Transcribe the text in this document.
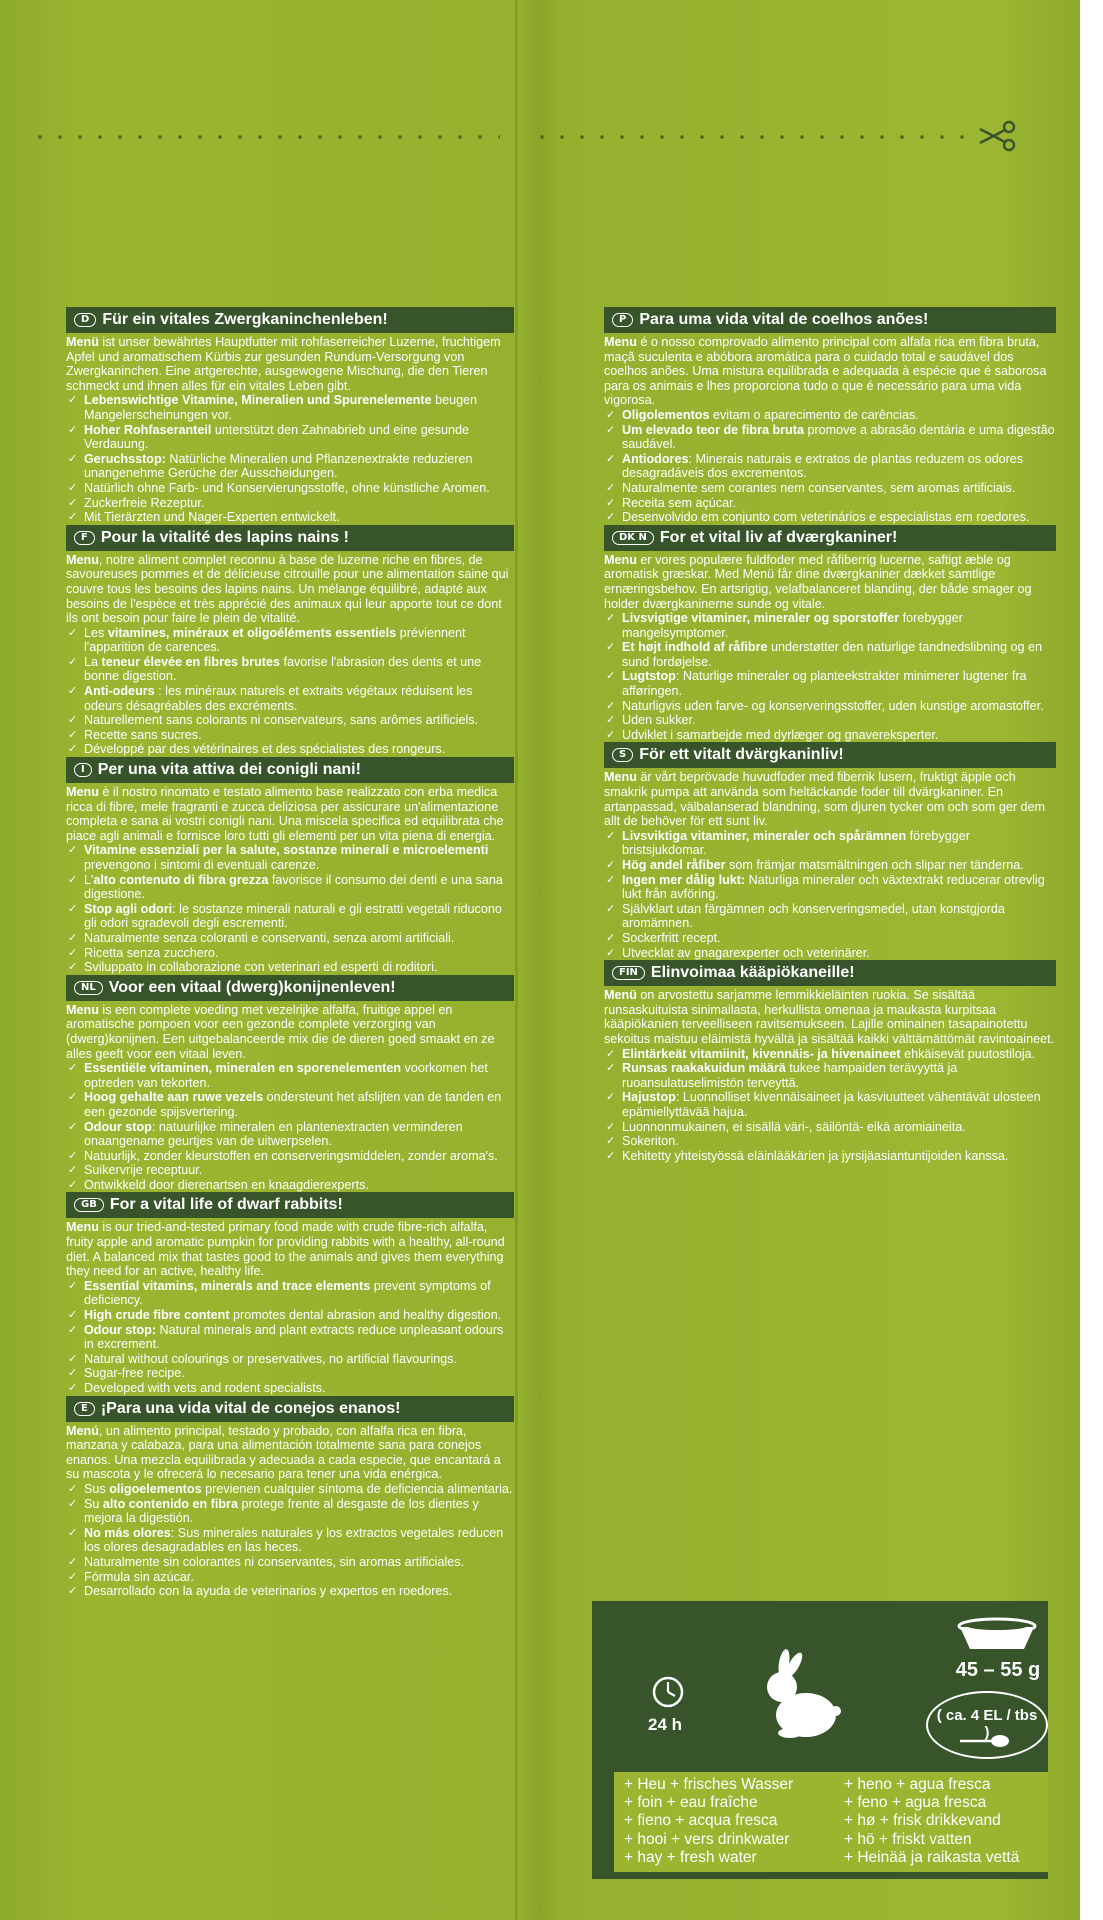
D Für ein vitales Zwergkaninchenleben!
Menü ist unser bewährtes Hauptfutter mit rohfaserreicher Luzerne, fruchtigem Apfel und aromatischem Kürbis zur gesunden Rundum-Versorgung von Zwergkaninchen. Eine artgerechte, ausgewogene Mischung, die den Tieren schmeckt und ihnen alles für ein vitales Leben gibt.
✓ Lebenswichtige Vitamine, Mineralien und Spurenelemente beugen Mangelerscheinungen vor.
✓ Hoher Rohfaseranteil unterstützt den Zahnabrieb und eine gesunde Verdauung.
✓ Geruchsstop: Natürliche Mineralien und Pflanzenextrakte reduzieren unangenehme Gerüche der Ausscheidungen.
✓ Natürlich ohne Farb- und Konservierungsstoffe, ohne künstliche Aromen.
✓ Zuckerfreie Rezeptur.
✓ Mit Tierärzten und Nager-Experten entwickelt.
F Pour la vitalité des lapins nains !
Menu, notre aliment complet reconnu à base de luzerne riche en fibres, de savoureuses pommes et de délicieuse citrouille pour une alimentation saine qui couvre tous les besoins des lapins nains. Un mélange équilibré, adapté aux besoins de l'espèce et très apprécié des animaux qui leur apporte tout ce dont ils ont besoin pour faire le plein de vitalité.
✓ Les vitamines, minéraux et oligoéléments essentiels préviennent l'apparition de carences.
✓ La teneur élevée en fibres brutes favorise l'abrasion des dents et une bonne digestion.
✓ Anti-odeurs : les minéraux naturels et extraits végétaux réduisent les odeurs désagréables des excréments.
✓ Naturellement sans colorants ni conservateurs, sans arômes artificiels.
✓ Recette sans sucres.
✓ Développé par des vétérinaires et des spécialistes des rongeurs.
I Per una vita attiva dei conigli nani!
Menu è il nostro rinomato e testato alimento base realizzato con erba medica ricca di fibre, mele fragranti e zucca deliziosa per assicurare un'alimentazione completa e sana ai vostri conigli nani. Una miscela specifica ed equilibrata che piace agli animali e fornisce loro tutti gli elementi per un vita piena di energia.
✓ Vitamine essenziali per la salute, sostanze minerali e microelementi prevengono i sintomi di eventuali carenze.
✓ L'alto contenuto di fibra grezza favorisce il consumo dei denti e una sana digestione.
✓ Stop agli odori: le sostanze minerali naturali e gli estratti vegetali riducono gli odori sgradevoli degli escrementi.
✓ Naturalmente senza coloranti e conservanti, senza aromi artificiali.
✓ Ricetta senza zucchero.
✓ Sviluppato in collaborazione con veterinari ed esperti di roditori.
NL Voor een vitaal (dwerg)konijnenleven!
Menu is een complete voeding met vezelrijke alfalfa, fruitige appel en aromatische pompoen voor een gezonde complete verzorging van (dwerg)konijnen. Een uitgebalanceerde mix die de dieren goed smaakt en ze alles geeft voor een vitaal leven.
✓ Essentiële vitaminen, mineralen en sporenelementen voorkomen het optreden van tekorten.
✓ Hoog gehalte aan ruwe vezels ondersteunt het afslijten van de tanden en een gezonde spijsvertering.
✓ Odour stop: natuurlijke mineralen en plantenextracten verminderen onaangename geurtjes van de uitwerpselen.
✓ Natuurlijk, zonder kleurstoffen en conserveringsmiddelen, zonder aroma's.
✓ Suikervrije receptuur.
✓ Ontwikkeld door dierenartsen en knaagdierexperts.
GB For a vital life of dwarf rabbits!
Menu is our tried-and-tested primary food made with crude fibre-rich alfalfa, fruity apple and aromatic pumpkin for providing rabbits with a healthy, all-round diet. A balanced mix that tastes good to the animals and gives them everything they need for an active, healthy life.
✓ Essential vitamins, minerals and trace elements prevent symptoms of deficiency.
✓ High crude fibre content promotes dental abrasion and healthy digestion.
✓ Odour stop: Natural minerals and plant extracts reduce unpleasant odours in excrement.
✓ Natural without colourings or preservatives, no artificial flavourings.
✓ Sugar-free recipe.
✓ Developed with vets and rodent specialists.
E ¡Para una vida vital de conejos enanos!
Menú, un alimento principal, testado y probado, con alfalfa rica en fibra, manzana y calabaza, para una alimentación totalmente sana para conejos enanos. Una mezcla equilibrada y adecuada a cada especie, que encantará a su mascota y le ofrecerá lo necesario para tener una vida enérgica.
✓ Sus oligoelementos previenen cualquier síntoma de deficiencia alimentaria.
✓ Su alto contenido en fibra protege frente al desgaste de los dientes y mejora la digestión.
✓ No más olores: Sus minerales naturales y los extractos vegetales reducen los olores desagradables en las heces.
✓ Naturalmente sin colorantes ni conservantes, sin aromas artificiales.
✓ Fórmula sin azúcar.
✓ Desarrollado con la ayuda de veterinarios y expertos en roedores.
P Para uma vida vital de coelhos anões!
Menu é o nosso comprovado alimento principal com alfafa rica em fibra bruta, maçã suculenta e abóbora aromática para o cuidado total e saudável dos coelhos anões. Uma mistura equilibrada e adequada à espécie que é saborosa para os animais e lhes proporciona tudo o que é necessário para uma vida vigorosa.
✓ Oligolementos evitam o aparecimento de carências.
✓ Um elevado teor de fibra bruta promove a abrasão dentária e uma digestão saudável.
✓ Antiodores: Minerais naturais e extratos de plantas reduzem os odores desagradáveis dos excrementos.
✓ Naturalmente sem corantes nem conservantes, sem aromas artificiais.
✓ Receita sem açúcar.
✓ Desenvolvido em conjunto com veterinários e especialistas em roedores.
DK N For et vital liv af dværgkaniner!
Menu er vores populære fuldfoder med råfiberrig lucerne, saftigt æble og aromatisk græskar. Med Menü får dine dværgkaniner dækket samtlige ernæringsbehov. En artsrigtig, velafbalanceret blanding, der både smager og holder dværgkaninerne sunde og vitale.
✓ Livsvigtige vitaminer, mineraler og sporstoffer forebygger mangelsymptomer.
✓ Et højt indhold af råfibre understøtter den naturlige tandnedslibning og en sund fordøjelse.
✓ Lugtstop: Naturlige mineraler og planteekstrakter minimerer lugtener fra afføringen.
✓ Naturligvis uden farve- og konserveringsstoffer, uden kunstige aromastoffer.
✓ Uden sukker.
✓ Udviklet i samarbejde med dyrlæger og gnavereksperter.
S För ett vitalt dvärgkaninliv!
Menu är vårt beprövade huvudfoder med fiberrik lusern, fruktigt äpple och smakrik pumpa att använda som heltäckande foder till dvärgkaniner. En artanpassad, välbalanserad blandning, som djuren tycker om och som ger dem allt de behöver för ett sunt liv.
✓ Livsviktiga vitaminer, mineraler och spårämnen förebygger bristsjukdomar.
✓ Hög andel råfiber som främjar matsmältningen och slipar ner tänderna.
✓ Ingen mer dålig lukt: Naturliga mineraler och växtextrakt reducerar otrevlig lukt från avföring.
✓ Självklart utan färgämnen och konserveringsmedel, utan konstgjorda aromämnen.
✓ Sockerfritt recept.
✓ Utvecklat av gnagarexperter och veterinärer.
FIN Elinvoimaa kääpiökaneille!
Menü on arvostettu sarjamme lemmikkieläinten ruokia. Se sisältää runsaskuituista sinimailasta, herkullista omenaa ja maukasta kurpitsaa kääpiökanien terveelliseen ravitsemukseen. Lajille ominainen tasapainotettu sekoitus maistuu eläimistä hyvältä ja sisältää kaikki välttämättömät ravintoaineet.
✓ Elintärkeät vitamiinit, kivennäis- ja hivenaineet ehkäisevät puutostiloja.
✓ Runsas raakakuidun määrä tukee hampaiden terävyyttä ja ruoansulatuselimistön terveyttä.
✓ Hajustop: Luonnolliset kivennäisaineet ja kasviuutteet vähentävät ulosteen epämiellyttävää hajua.
✓ Luonnonmukainen, ei sisällä väri-, säilöntä- eikä aromiaineita.
✓ Sokeriton.
✓ Kehitetty yhteistyössä eläinlääkärien ja jyrsijäasiantuntijoiden kanssa.
24 h
45 – 55 g
( ca. 4 EL / tbs )
+ Heu + frisches Wasser
+ foin + eau fraîche
+ fieno + acqua fresca
+ hooi + vers drinkwater
+ hay + fresh water
+ heno + agua fresca
+ feno + agua fresca
+ hø + frisk drikkevand
+ hö + friskt vatten
+ Heinää ja raikasta vettä
